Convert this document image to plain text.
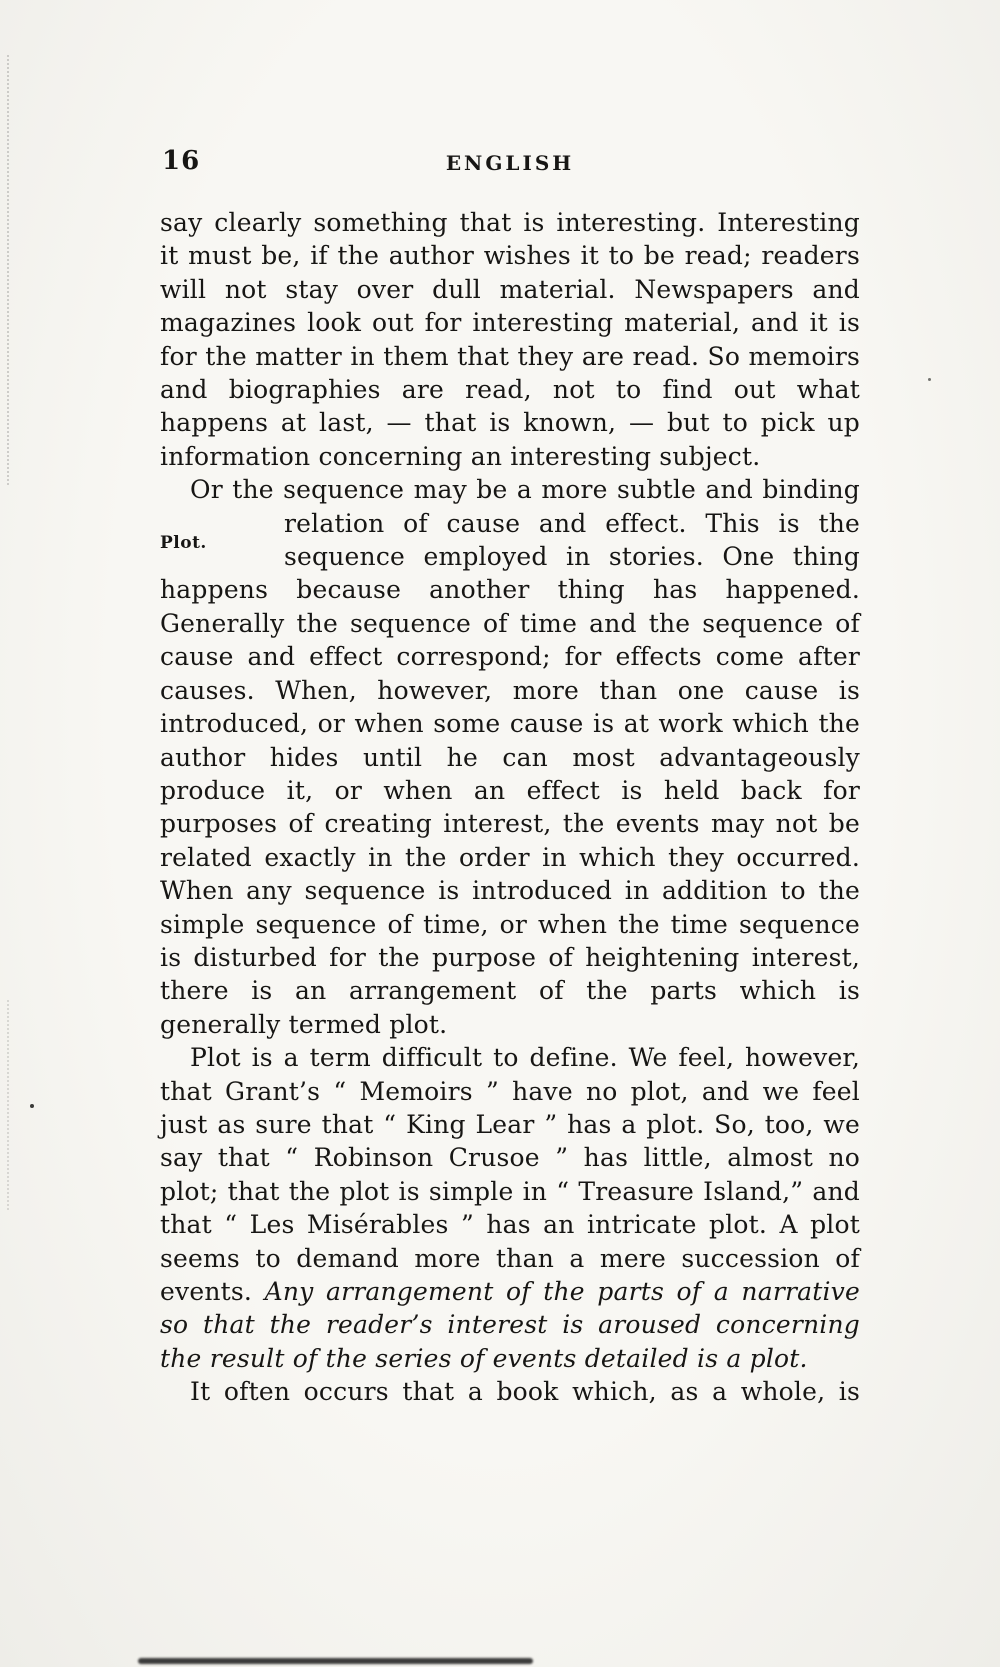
16	ENGLISH

say clearly something that is interesting. Interesting it must be, if the author wishes it to be read; readers will not stay over dull material. Newspapers and magazines look out for interesting material, and it is for the matter in them that they are read. So memoirs and biographies are read, not to find out what happens at last, — that is known, — but to pick up information concerning an interesting subject.

Or the sequence may be a more subtle and binding

Plot.
relation of cause and effect. This is the sequence employed in stories. One thing

happens because another thing has happened. Generally the sequence of time and the sequence of cause and effect correspond; for effects come after causes. When, however, more than one cause is introduced, or when some cause is at work which the author hides until he can most advantageously produce it, or when an effect is held back for purposes of creating interest, the events may not be related exactly in the order in which they occurred. When any sequence is introduced in addition to the simple sequence of time, or when the time sequence is disturbed for the purpose of heightening interest, there is an arrangement of the parts which is generally termed plot.

Plot is a term difficult to define. We feel, however, that Grant’s “ Memoirs ” have no plot, and we feel just as sure that “ King Lear ” has a plot. So, too, we say that “ Robinson Crusoe ” has little, almost no plot; that the plot is simple in “ Treasure Island,” and that “ Les Misérables ” has an intricate plot. A plot seems to demand more than a mere succession of events. Any arrangement of the parts of a narrative so that the reader’s interest is aroused concerning the result of the series of events detailed is a plot.

It often occurs that a book which, as a whole, is
